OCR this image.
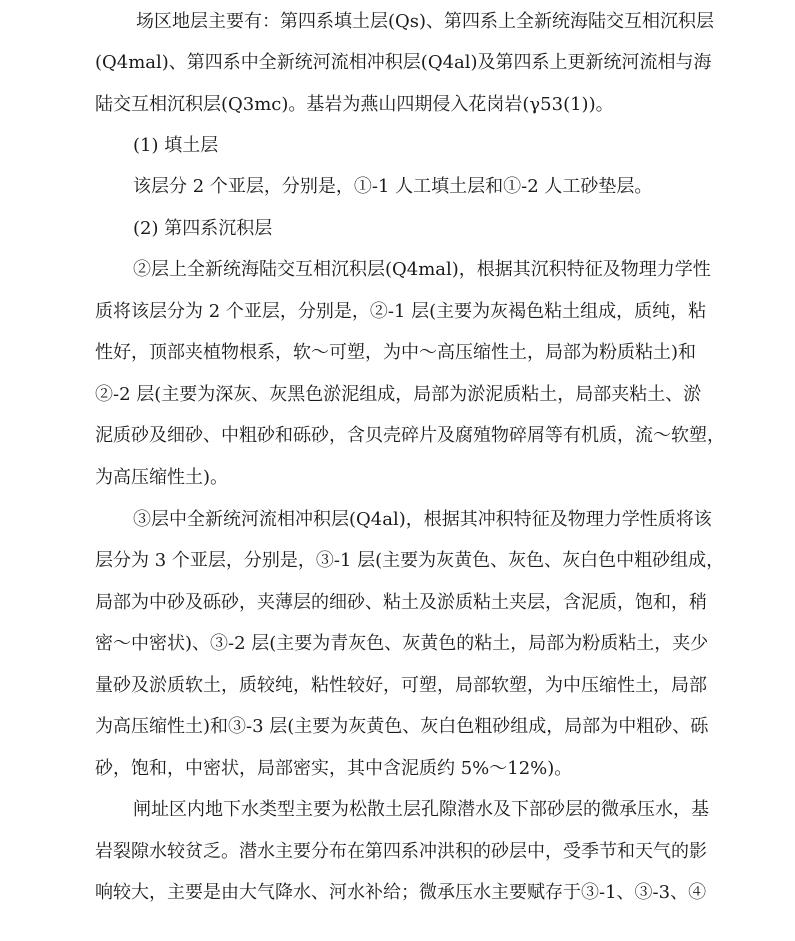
场区地层主要有：第四系填土层(Qs)、第四系上全新统海陆交互相沉积层
(Q4mal)、第四系中全新统河流相冲积层(Q4al)及第四系上更新统河流相与海
陆交互相沉积层(Q3mc)。基岩为燕山四期侵入花岗岩(γ53(1))。
(1) 填土层
该层分 2 个亚层，分别是，①-1 人工填土层和①-2 人工砂垫层。
(2) 第四系沉积层
②层上全新统海陆交互相沉积层(Q4mal)，根据其沉积特征及物理力学性
质将该层分为 2 个亚层，分别是，②-1 层(主要为灰褐色粘土组成，质纯，粘
性好，顶部夹植物根系，软～可塑，为中～高压缩性土，局部为粉质粘土)和
②-2 层(主要为深灰、灰黑色淤泥组成，局部为淤泥质粘土，局部夹粘土、淤
泥质砂及细砂、中粗砂和砾砂，含贝壳碎片及腐殖物碎屑等有机质，流～软塑，
为高压缩性土)。
③层中全新统河流相冲积层(Q4al)，根据其冲积特征及物理力学性质将该
层分为 3 个亚层，分别是，③-1 层(主要为灰黄色、灰色、灰白色中粗砂组成，
局部为中砂及砾砂，夹薄层的细砂、粘土及淤质粘土夹层，含泥质，饱和，稍
密～中密状)、③-2 层(主要为青灰色、灰黄色的粘土，局部为粉质粘土，夹少
量砂及淤质软土，质较纯，粘性较好，可塑，局部软塑，为中压缩性土，局部
为高压缩性土)和③-3 层(主要为灰黄色、灰白色粗砂组成，局部为中粗砂、砾
砂，饱和，中密状，局部密实，其中含泥质约 5%～12%)。
闸址区内地下水类型主要为松散土层孔隙潜水及下部砂层的微承压水，基
岩裂隙水较贫乏。潜水主要分布在第四系冲洪积的砂层中，受季节和天气的影
响较大，主要是由大气降水、河水补给；微承压水主要赋存于③-1、③-3、④
